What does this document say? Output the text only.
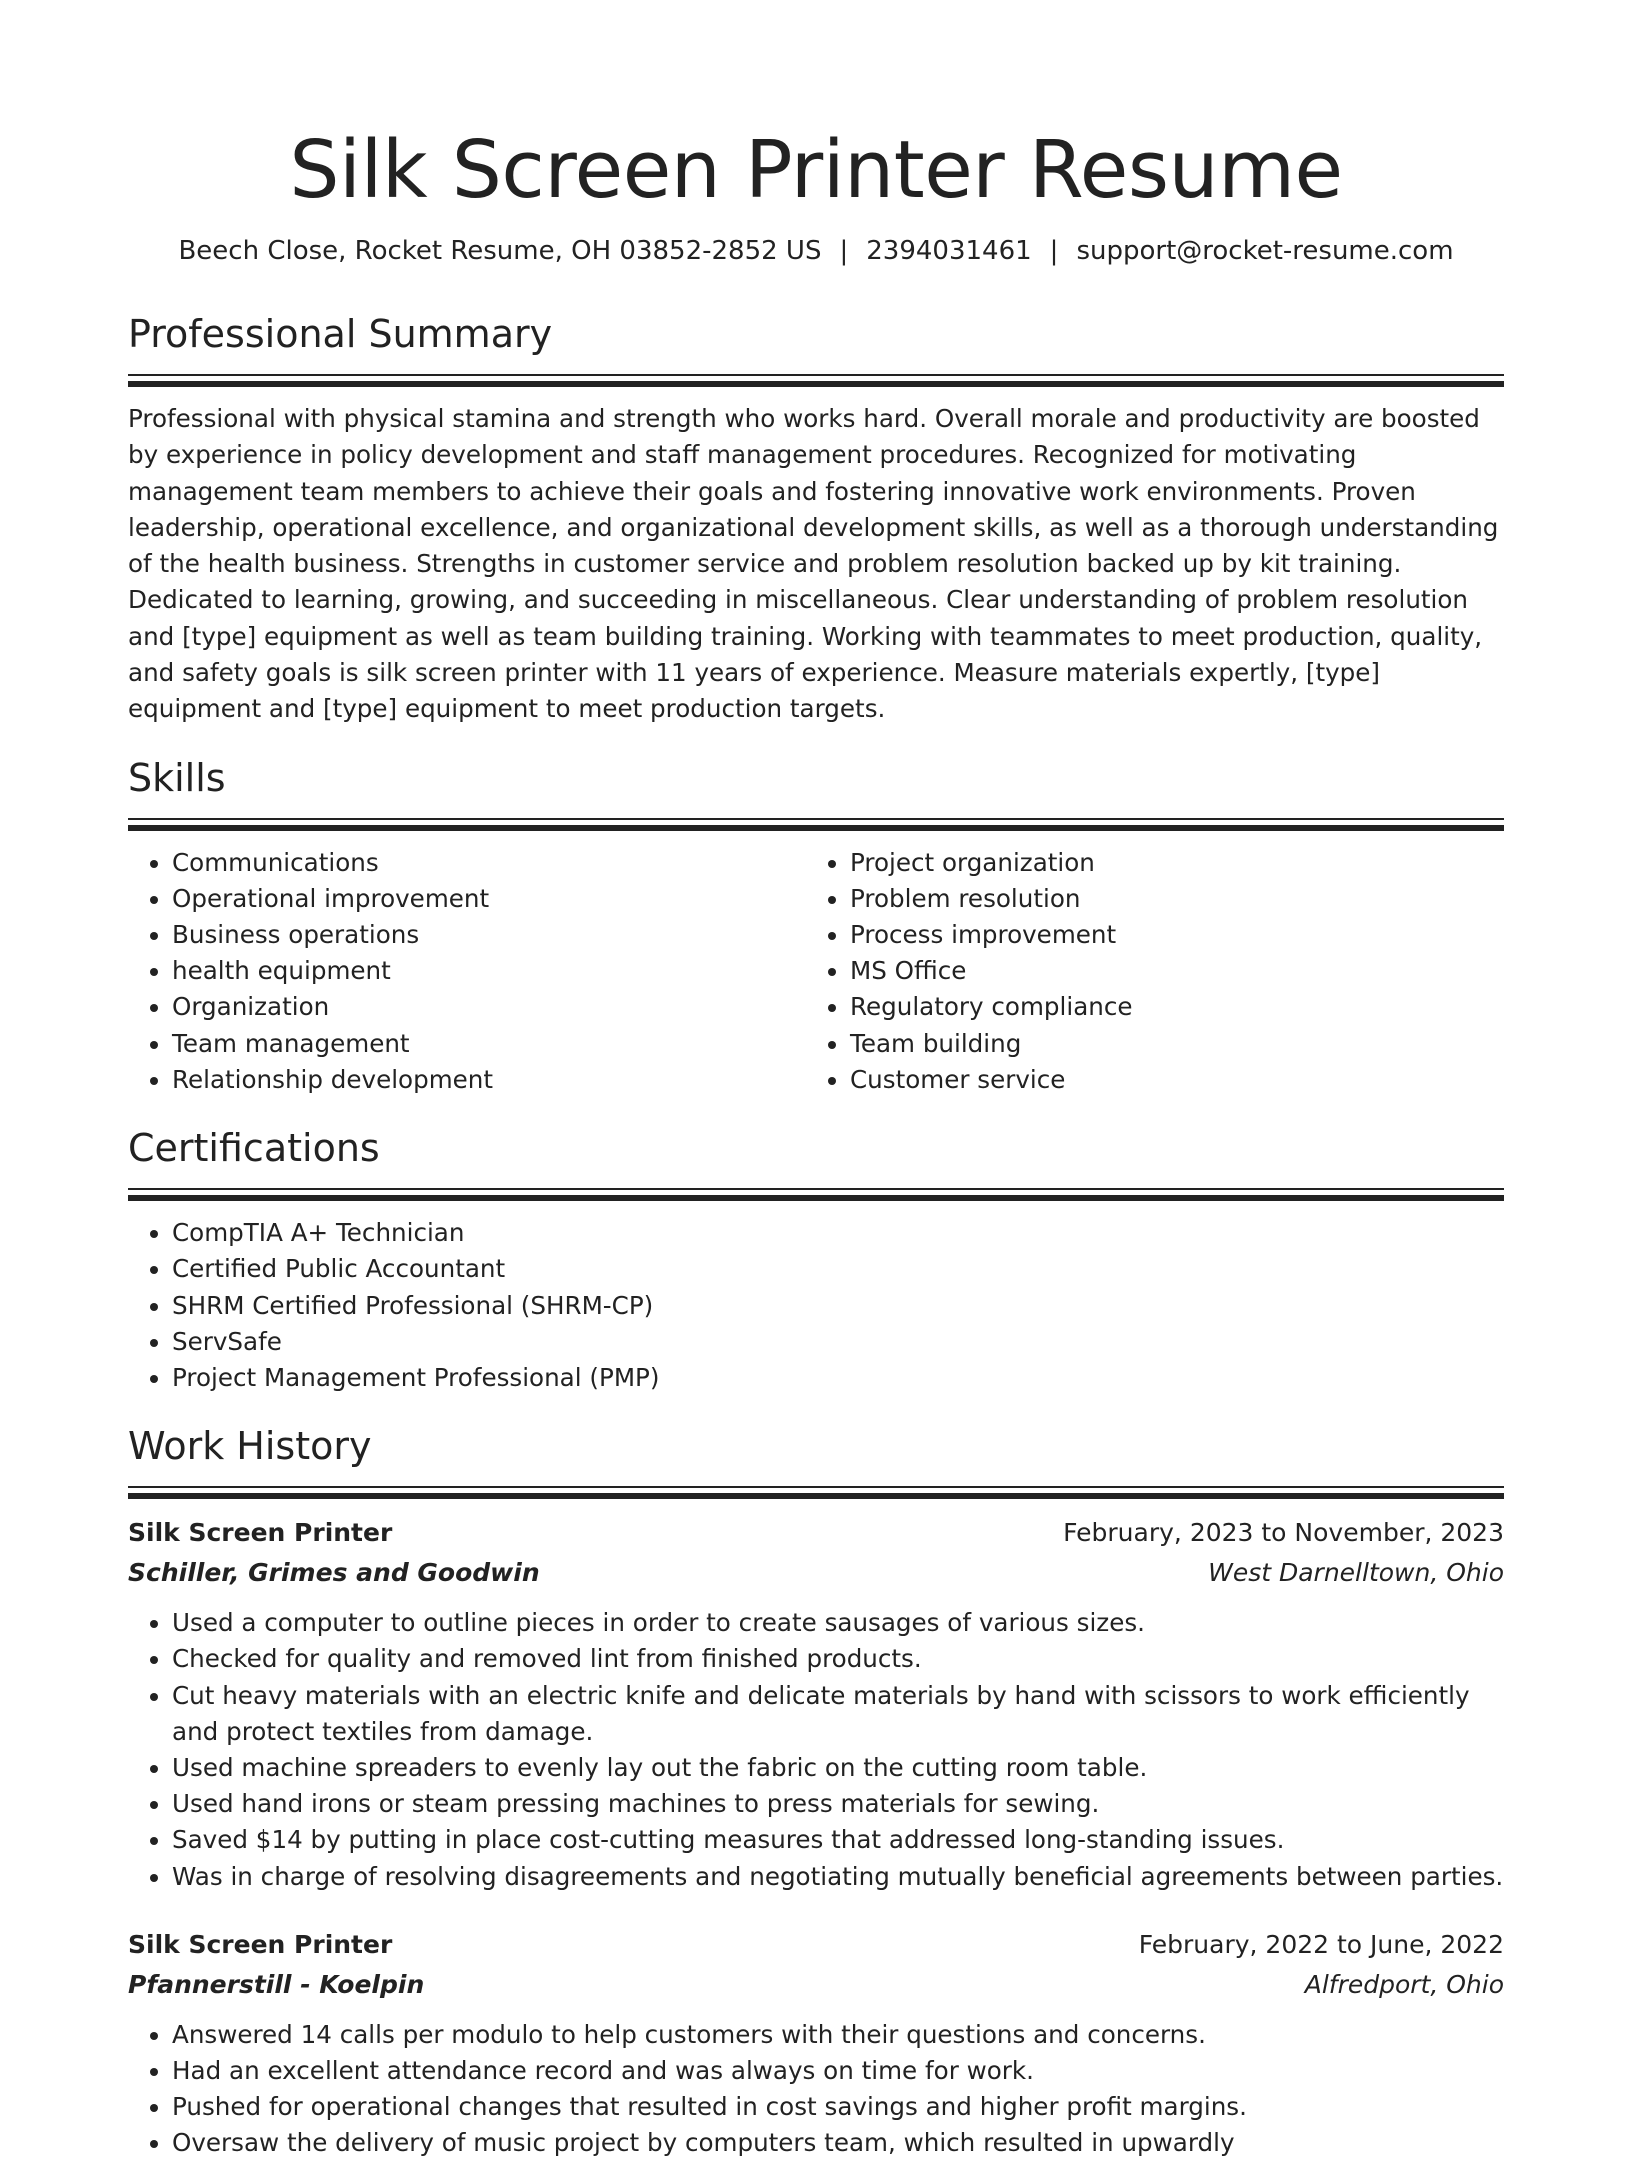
Silk Screen Printer Resume
Beech Close, Rocket Resume, OH 03852-2852 US | 2394031461 | support@rocket-resume.com
Professional Summary

Professional with physical stamina and strength who works hard. Overall morale and productivity are boosted by experience in policy development and staff management procedures. Recognized for motivating management team members to achieve their goals and fostering innovative work environments. Proven leadership, operational excellence, and organizational development skills, as well as a thorough understanding of the health business. Strengths in customer service and problem resolution backed up by kit training. Dedicated to learning, growing, and succeeding in miscellaneous. Clear understanding of problem resolution and [type] equipment as well as team building training. Working with teammates to meet production, quality, and safety goals is silk screen printer with 11 years of experience. Measure materials expertly, [type] equipment and [type] equipment to meet production targets.

Skills
• Communications
• Operational improvement
• Business operations
• health equipment
• Organization
• Team management
• Relationship development
• Project organization
• Problem resolution
• Process improvement
• MS Office
• Regulatory compliance
• Team building
• Customer service
Certifications
• CompTIA A+ Technician
• Certified Public Accountant
• SHRM Certified Professional (SHRM-CP)
• ServSafe
• Project Management Professional (PMP)
Work History
Silk Screen Printer	February, 2023 to November, 2023
Schiller, Grimes and Goodwin	West Darnelltown, Ohio
• Used a computer to outline pieces in order to create sausages of various sizes.
• Checked for quality and removed lint from finished products.
• Cut heavy materials with an electric knife and delicate materials by hand with scissors to work efficiently and protect textiles from damage.
• Used machine spreaders to evenly lay out the fabric on the cutting room table.
• Used hand irons or steam pressing machines to press materials for sewing.
• Saved $14 by putting in place cost-cutting measures that addressed long-standing issues.
• Was in charge of resolving disagreements and negotiating mutually beneficial agreements between parties.
Silk Screen Printer	February, 2022 to June, 2022
Pfannerstill - Koelpin	Alfredport, Ohio
• Answered 14 calls per modulo to help customers with their questions and concerns.
• Had an excellent attendance record and was always on time for work.
• Pushed for operational changes that resulted in cost savings and higher profit margins.
• Oversaw the delivery of music project by computers team, which resulted in upwardly
